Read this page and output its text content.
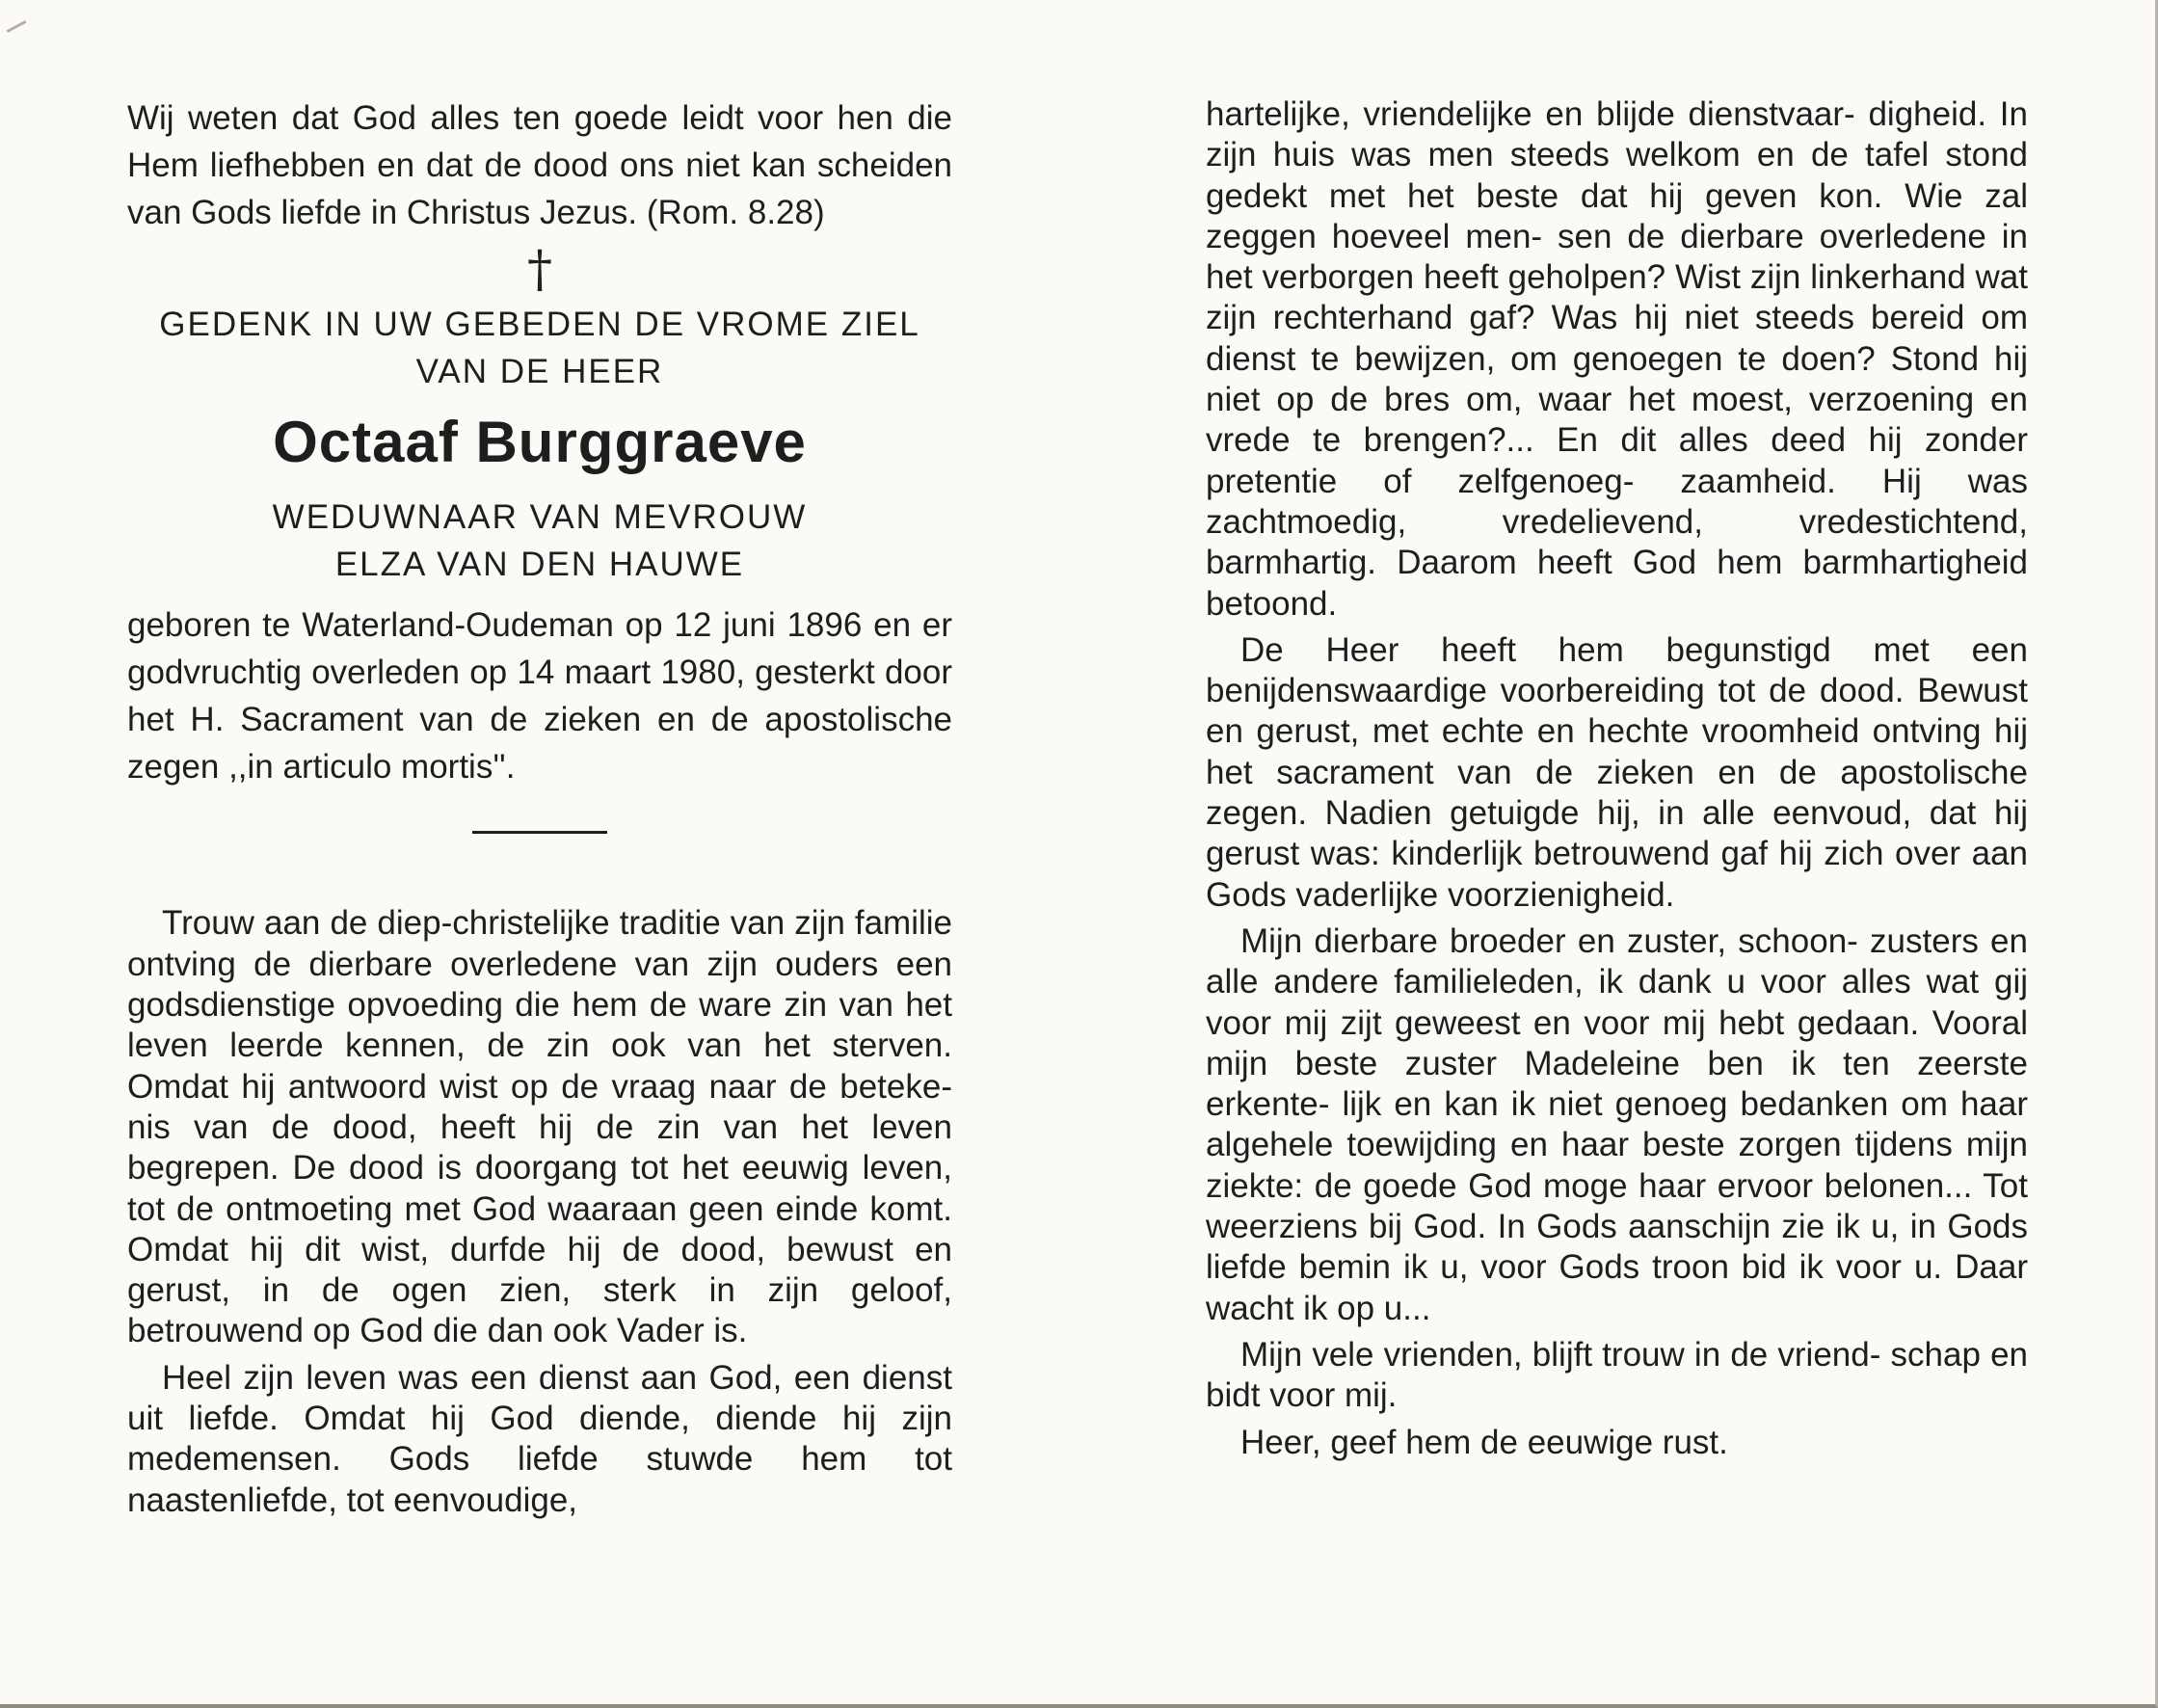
Wij weten dat God alles ten goede leidt voor hen die Hem liefhebben en dat de dood ons niet kan scheiden van Gods liefde in Christus Jezus. (Rom. 8.28)

†

GEDENK IN UW GEBEDEN DE VROME ZIEL

VAN DE HEER

Octaaf Burggraeve

WEDUWNAAR VAN MEVROUW

ELZA VAN DEN HAUWE

geboren te Waterland-Oudeman op 12 juni 1896 en er godvruchtig overleden op 14 maart 1980, gesterkt door het H. Sacrament van de zieken en de apostolische zegen ,,in articulo mortis''.

Trouw aan de diep-christelijke traditie van zijn familie ontving de dierbare overledene van zijn ouders een godsdienstige opvoeding die hem de ware zin van het leven leerde kennen, de zin ook van het sterven. Omdat hij antwoord wist op de vraag naar de beteke- nis van de dood, heeft hij de zin van het leven begrepen. De dood is doorgang tot het eeuwig leven, tot de ontmoeting met God waaraan geen einde komt. Omdat hij dit wist, durfde hij de dood, bewust en gerust, in de ogen zien, sterk in zijn geloof, betrouwend op God die dan ook Vader is.

Heel zijn leven was een dienst aan God, een dienst uit liefde. Omdat hij God diende, diende hij zijn medemensen. Gods liefde stuwde hem tot naastenliefde, tot eenvoudige,

hartelijke, vriendelijke en blijde dienstvaar- digheid. In zijn huis was men steeds welkom en de tafel stond gedekt met het beste dat hij geven kon. Wie zal zeggen hoeveel men- sen de dierbare overledene in het verborgen heeft geholpen? Wist zijn linkerhand wat zijn rechterhand gaf? Was hij niet steeds bereid om dienst te bewijzen, om genoegen te doen? Stond hij niet op de bres om, waar het moest, verzoening en vrede te brengen?... En dit alles deed hij zonder pretentie of zelfgenoeg- zaamheid. Hij was zachtmoedig, vredelievend, vredestichtend, barmhartig. Daarom heeft God hem barmhartigheid betoond.

De Heer heeft hem begunstigd met een benijdenswaardige voorbereiding tot de dood. Bewust en gerust, met echte en hechte vroomheid ontving hij het sacrament van de zieken en de apostolische zegen. Nadien getuigde hij, in alle eenvoud, dat hij gerust was: kinderlijk betrouwend gaf hij zich over aan Gods vaderlijke voorzienigheid.

Mijn dierbare broeder en zuster, schoon- zusters en alle andere familieleden, ik dank u voor alles wat gij voor mij zijt geweest en voor mij hebt gedaan. Vooral mijn beste zuster Madeleine ben ik ten zeerste erkente- lijk en kan ik niet genoeg bedanken om haar algehele toewijding en haar beste zorgen tijdens mijn ziekte: de goede God moge haar ervoor belonen... Tot weerziens bij God. In Gods aanschijn zie ik u, in Gods liefde bemin ik u, voor Gods troon bid ik voor u. Daar wacht ik op u...

Mijn vele vrienden, blijft trouw in de vriend- schap en bidt voor mij.

Heer, geef hem de eeuwige rust.
